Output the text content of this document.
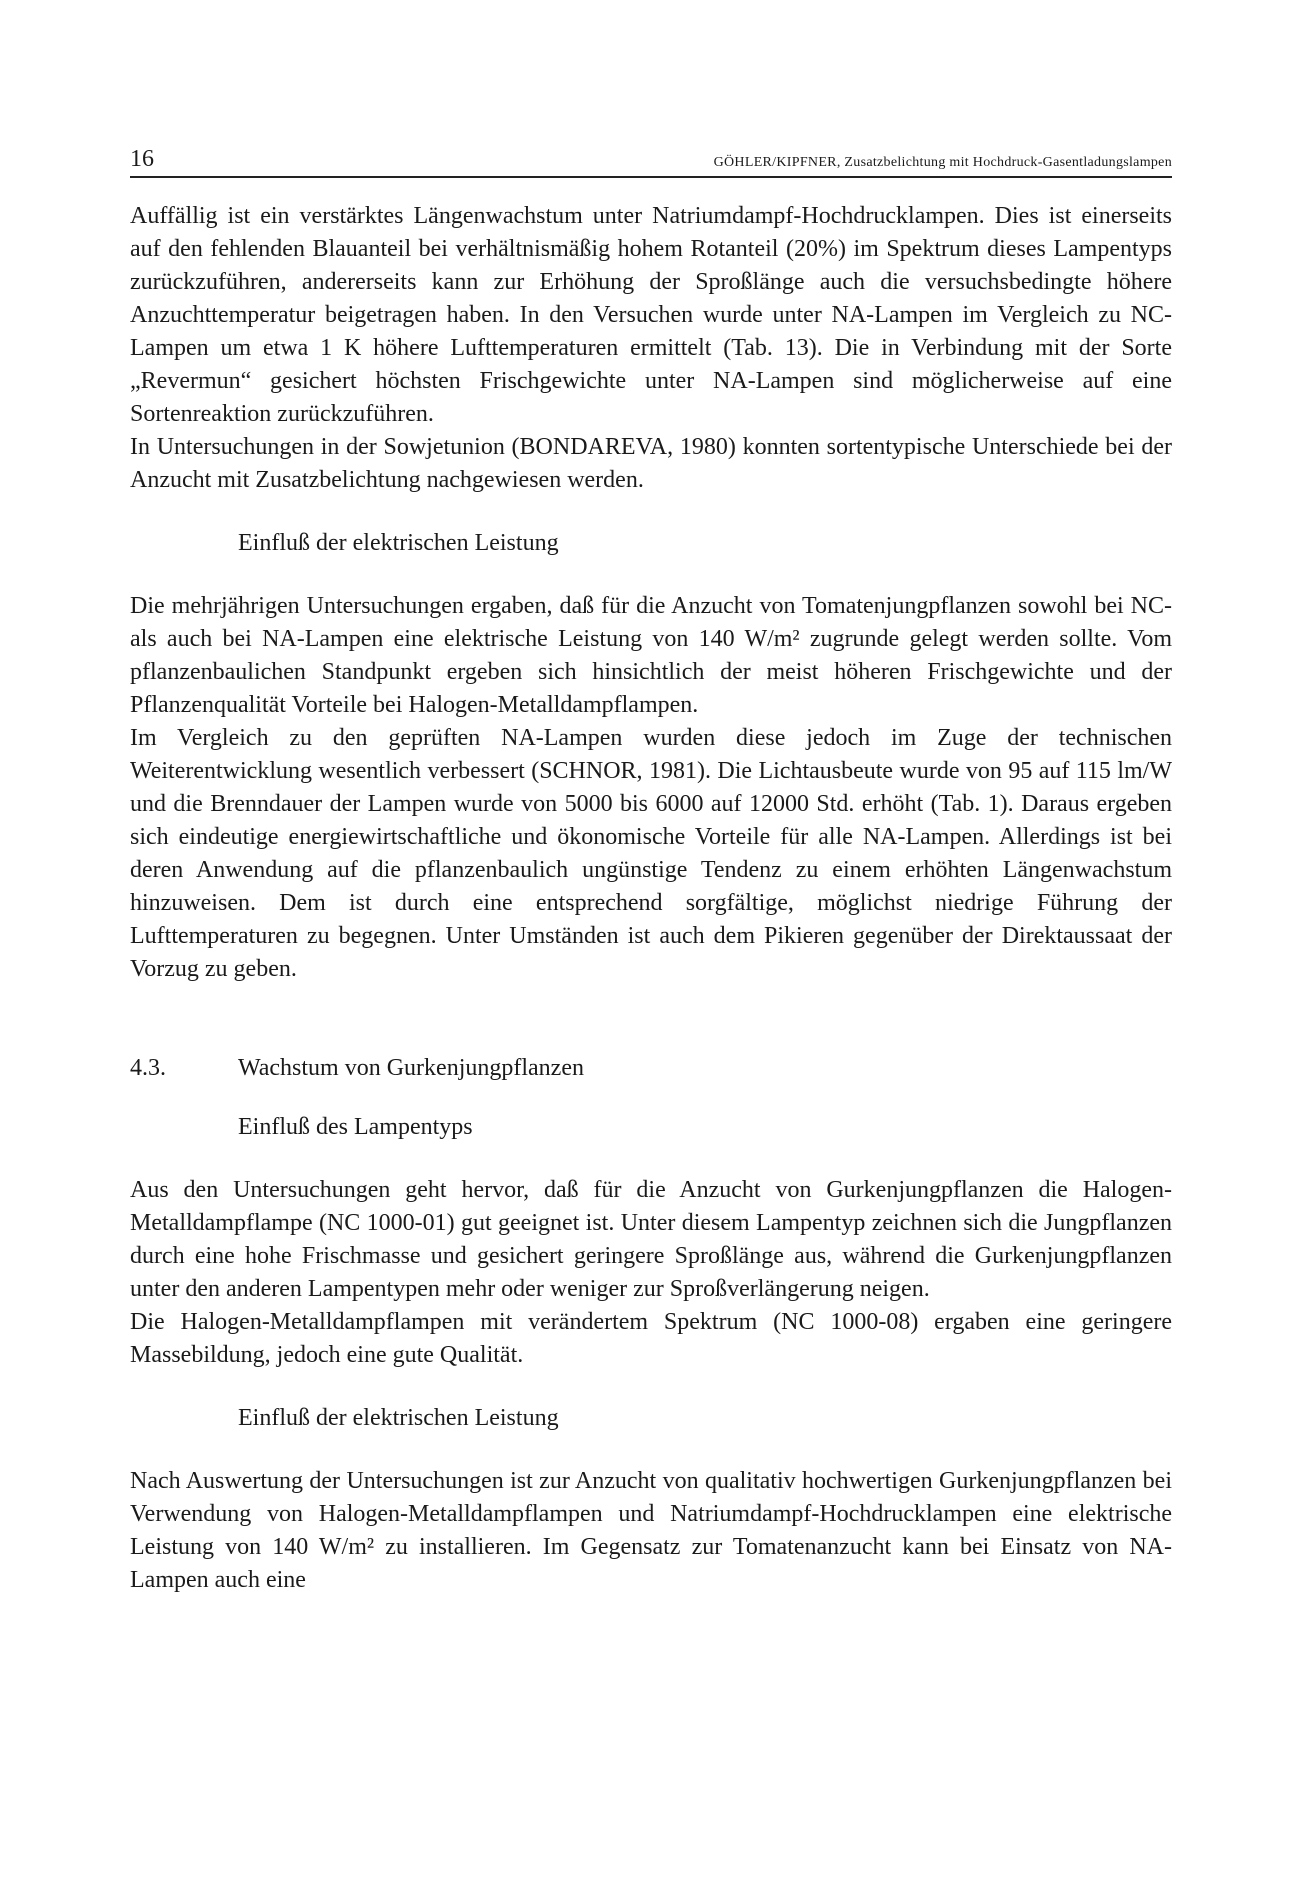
16	GÖHLER/KIPFNER, Zusatzbelichtung mit Hochdruck-Gasentladungslampen

Auffällig ist ein verstärktes Längenwachstum unter Natriumdampf-Hochdrucklampen. Dies ist einerseits auf den fehlenden Blauanteil bei verhältnismäßig hohem Rotanteil (20%) im Spektrum dieses Lampentyps zurückzuführen, andererseits kann zur Erhöhung der Sproßlänge auch die versuchsbedingte höhere Anzuchttemperatur beigetragen haben. In den Versuchen wurde unter NA-Lampen im Vergleich zu NC-Lampen um etwa 1 K höhere Lufttemperaturen ermittelt (Tab. 13). Die in Verbindung mit der Sorte „Revermun“ gesichert höchsten Frischgewichte unter NA-Lampen sind möglicherweise auf eine Sortenreaktion zurückzuführen.

In Untersuchungen in der Sowjetunion (BONDAREVA, 1980) konnten sortentypische Unterschiede bei der Anzucht mit Zusatzbelichtung nachgewiesen werden.

Einfluß der elektrischen Leistung

Die mehrjährigen Untersuchungen ergaben, daß für die Anzucht von Tomatenjungpflanzen sowohl bei NC- als auch bei NA-Lampen eine elektrische Leistung von 140 W/m² zugrunde gelegt werden sollte. Vom pflanzenbaulichen Standpunkt ergeben sich hinsichtlich der meist höheren Frischgewichte und der Pflanzenqualität Vorteile bei Halogen-Metalldampflampen.

Im Vergleich zu den geprüften NA-Lampen wurden diese jedoch im Zuge der technischen Weiterentwicklung wesentlich verbessert (SCHNOR, 1981). Die Lichtausbeute wurde von 95 auf 115 lm/W und die Brenndauer der Lampen wurde von 5000 bis 6000 auf 12000 Std. erhöht (Tab. 1). Daraus ergeben sich eindeutige energiewirtschaftliche und ökonomische Vorteile für alle NA-Lampen. Allerdings ist bei deren Anwendung auf die pflanzenbaulich ungünstige Tendenz zu einem erhöhten Längenwachstum hinzuweisen. Dem ist durch eine entsprechend sorgfältige, möglichst niedrige Führung der Lufttemperaturen zu begegnen. Unter Umständen ist auch dem Pikieren gegenüber der Direktaussaat der Vorzug zu geben.

4.3.	Wachstum von Gurkenjungpflanzen
Einfluß des Lampentyps

Aus den Untersuchungen geht hervor, daß für die Anzucht von Gurkenjungpflanzen die Halogen-Metalldampflampe (NC 1000-01) gut geeignet ist. Unter diesem Lampentyp zeichnen sich die Jungpflanzen durch eine hohe Frischmasse und gesichert geringere Sproßlänge aus, während die Gurkenjungpflanzen unter den anderen Lampentypen mehr oder weniger zur Sproßverlängerung neigen.

Die Halogen-Metalldampflampen mit verändertem Spektrum (NC 1000-08) ergaben eine geringere Massebildung, jedoch eine gute Qualität.

Einfluß der elektrischen Leistung

Nach Auswertung der Untersuchungen ist zur Anzucht von qualitativ hochwertigen Gurkenjungpflanzen bei Verwendung von Halogen-Metalldampflampen und Natriumdampf-Hochdrucklampen eine elektrische Leistung von 140 W/m² zu installieren. Im Gegensatz zur Tomatenanzucht kann bei Einsatz von NA-Lampen auch eine
